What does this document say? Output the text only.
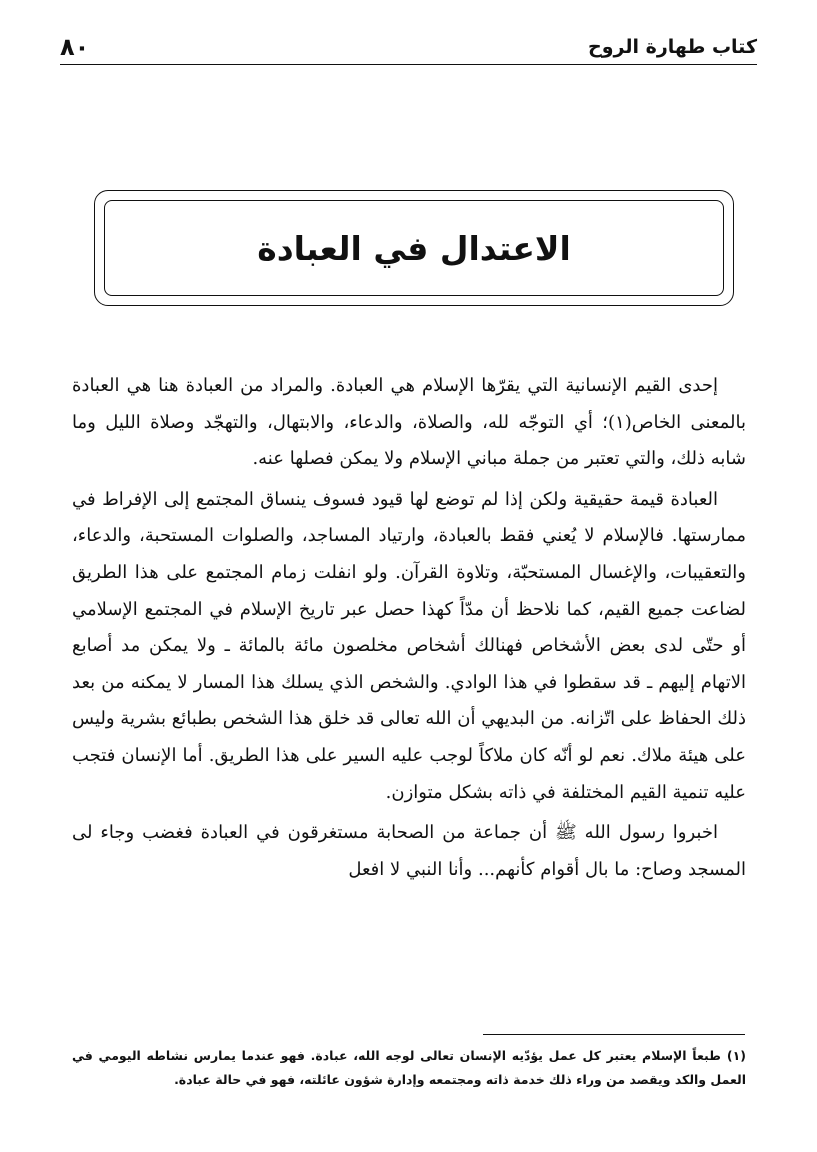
كتاب طهارة الروح
٨٠
الاعتدال في العبادة

إحدى القيم الإنسانية التي يقرّها الإسلام هي العبادة. والمراد من العبادة هنا هي العبادة بالمعنى الخاص(١)؛ أي التوجّه لله، والصلاة، والدعاء، والابتهال، والتهجّد وصلاة الليل وما شابه ذلك، والتي تعتبر من جملة مباني الإسلام ولا يمكن فصلها عنه.

العبادة قيمة حقيقية ولكن إذا لم توضع لها قيود فسوف ينساق المجتمع إلى الإفراط في ممارستها. فالإسلام لا يُعني فقط بالعبادة، وارتياد المساجد، والصلوات المستحبة، والدعاء، والتعقيبات، والإغسال المستحبّة، وتلاوة القرآن. ولو انفلت زمام المجتمع على هذا الطريق لضاعت جميع القيم، كما نلاحظ أن مدّاً كهذا حصل عبر تاريخ الإسلام في المجتمع الإسلامي أو حتّى لدى بعض الأشخاص فهنالك أشخاص مخلصون مائة بالمائة ـ ولا يمكن مد أصابع الاتهام إليهم ـ قد سقطوا في هذا الوادي. والشخص الذي يسلك هذا المسار لا يمكنه من بعد ذلك الحفاظ على اتّزانه. من البديهي أن الله تعالى قد خلق هذا الشخص بطبائع بشرية وليس على هيئة ملاك. نعم لو أنّه كان ملاكاً لوجب عليه السير على هذا الطريق. أما الإنسان فتجب عليه تنمية القيم المختلفة في ذاته بشكل متوازن.

اخبروا رسول الله ﷺ أن جماعة من الصحابة مستغرقون في العبادة فغضب وجاء لى المسجد وصاح: ما بال أقوام كأنهم... وأنا النبي لا افعل

(١)طبعاً الإسلام يعتبر كل عمل يؤدّيه الإنسان تعالى لوجه الله، عبادة. فهو عندما يمارس نشاطه اليومي في العمل والكد ويقصد من وراء ذلك خدمة ذاته ومجتمعه وإدارة شؤون عائلته، فهو في حالة عبادة.
